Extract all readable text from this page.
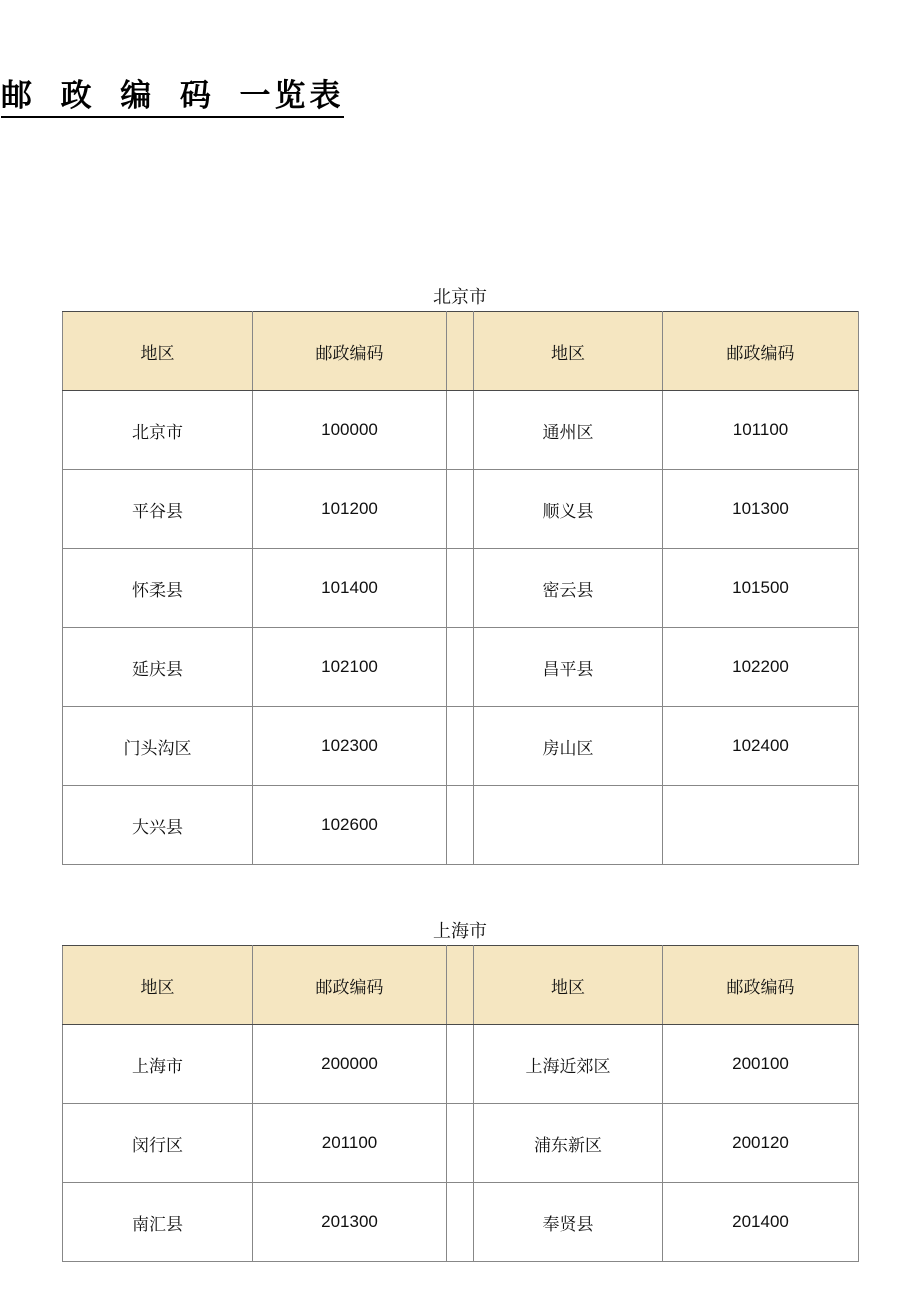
邮 政 编 码 一览表
北京市
地区	邮政编码		地区	邮政编码
北京市	100000		通州区	101100
平谷县	101200		顺义县	101300
怀柔县	101400		密云县	101500
延庆县	102100		昌平县	102200
门头沟区	102300		房山区	102400
大兴县	102600			
上海市
地区	邮政编码		地区	邮政编码
上海市	200000		上海近郊区	200100
闵行区	201100		浦东新区	200120
南汇县	201300		奉贤县	201400
